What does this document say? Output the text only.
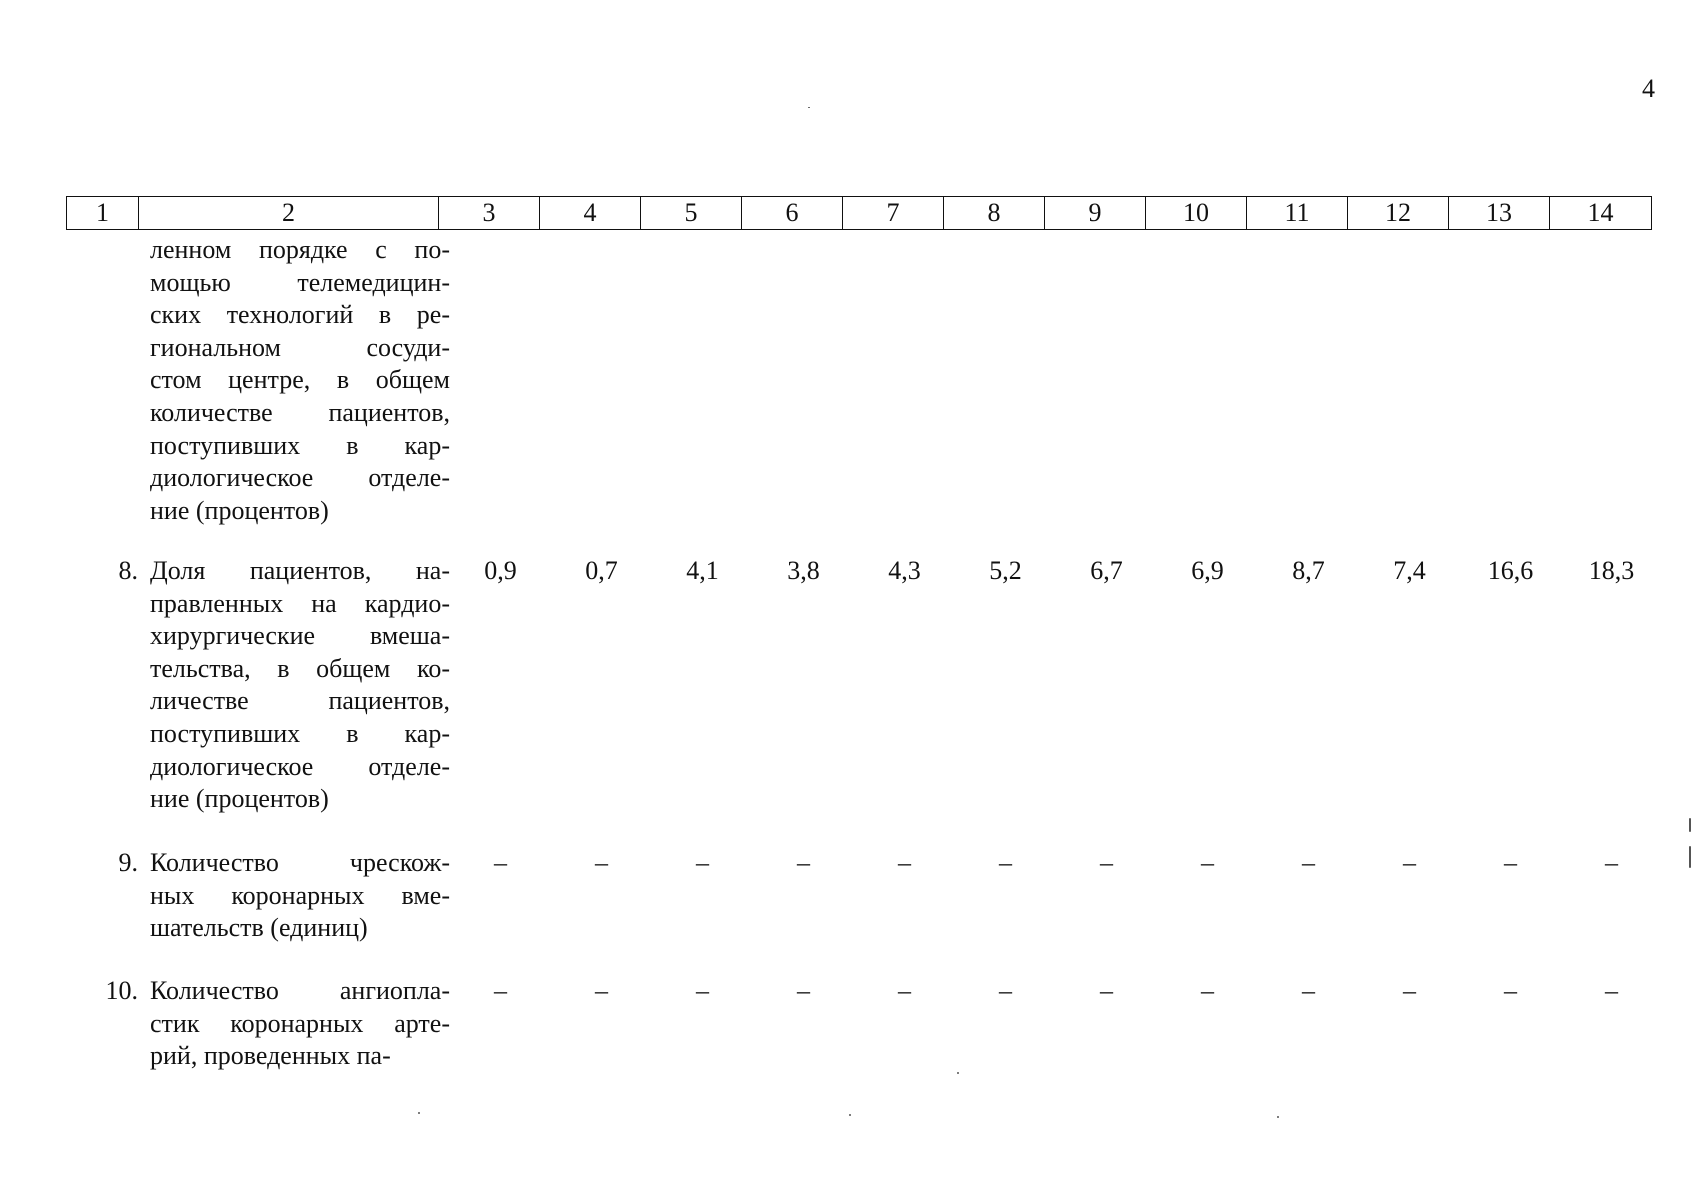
4
1	2	3	4	5	6	7	8	9	10	11	12	13	14
ленном порядке с по-
мощью телемедицин-
ских технологий в ре-
гиональном сосуди-
стом центре, в общем
количестве пациентов,
поступивших в кар-
диологическое отделе-
ние (процентов)
8. Доля пациентов, на-
правленных на кардио-
хирургические вмеша-
тельства, в общем ко-
личестве пациентов,
поступивших в кар-
диологическое отделе-
ние (процентов)
0,9	0,7	4,1	3,8	4,3	5,2	6,7	6,9	8,7	7,4	16,6	18,3
9. Количество чрескож-
ных коронарных вме-
шательств (единиц)
–	–	–	–	–	–	–	–	–	–	–	–
10. Количество ангиопла-
стик коронарных арте-
рий, проведенных па-
–	–	–	–	–	–	–	–	–	–	–	–
